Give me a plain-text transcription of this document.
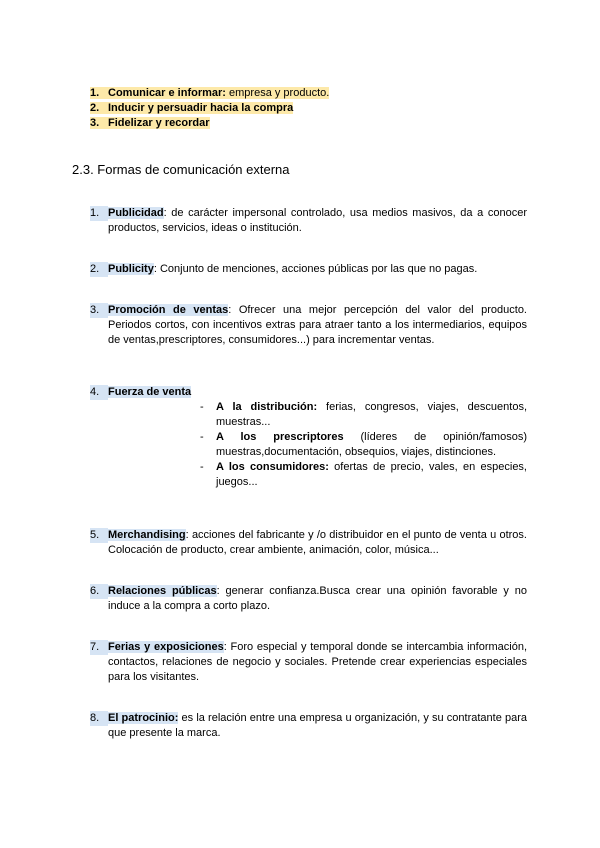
1. Comunicar e informar: empresa y producto.
2. Inducir y persuadir hacia la compra
3. Fidelizar y recordar
2.3. Formas de comunicación externa
1. Publicidad: de carácter impersonal controlado, usa medios masivos, da a conocer productos, servicios, ideas o institución.
2. Publicity: Conjunto de menciones, acciones públicas por las que no pagas.
3. Promoción de ventas: Ofrecer una mejor percepción del valor del producto. Periodos cortos, con incentivos extras para atraer tanto a los intermediarios, equipos de ventas,prescriptores, consumidores...) para incrementar ventas.
4. Fuerza de venta
- A la distribución: ferias, congresos, viajes, descuentos, muestras...
- A los prescriptores (líderes de opinión/famosos) muestras,documentación, obsequios, viajes, distinciones.
- A los consumidores: ofertas de precio, vales, en especies, juegos...
5. Merchandising: acciones del fabricante y /o distribuidor en el punto de venta u otros. Colocación de producto, crear ambiente, animación, color, música...
6. Relaciones públicas: generar confianza.Busca crear una opinión favorable y no induce a la compra a corto plazo.
7. Ferias y exposiciones: Foro especial y temporal donde se intercambia información, contactos, relaciones de negocio y sociales. Pretende crear experiencias especiales para los visitantes.
8. El patrocinio: es la relación entre una empresa u organización, y su contratante para que presente la marca.
